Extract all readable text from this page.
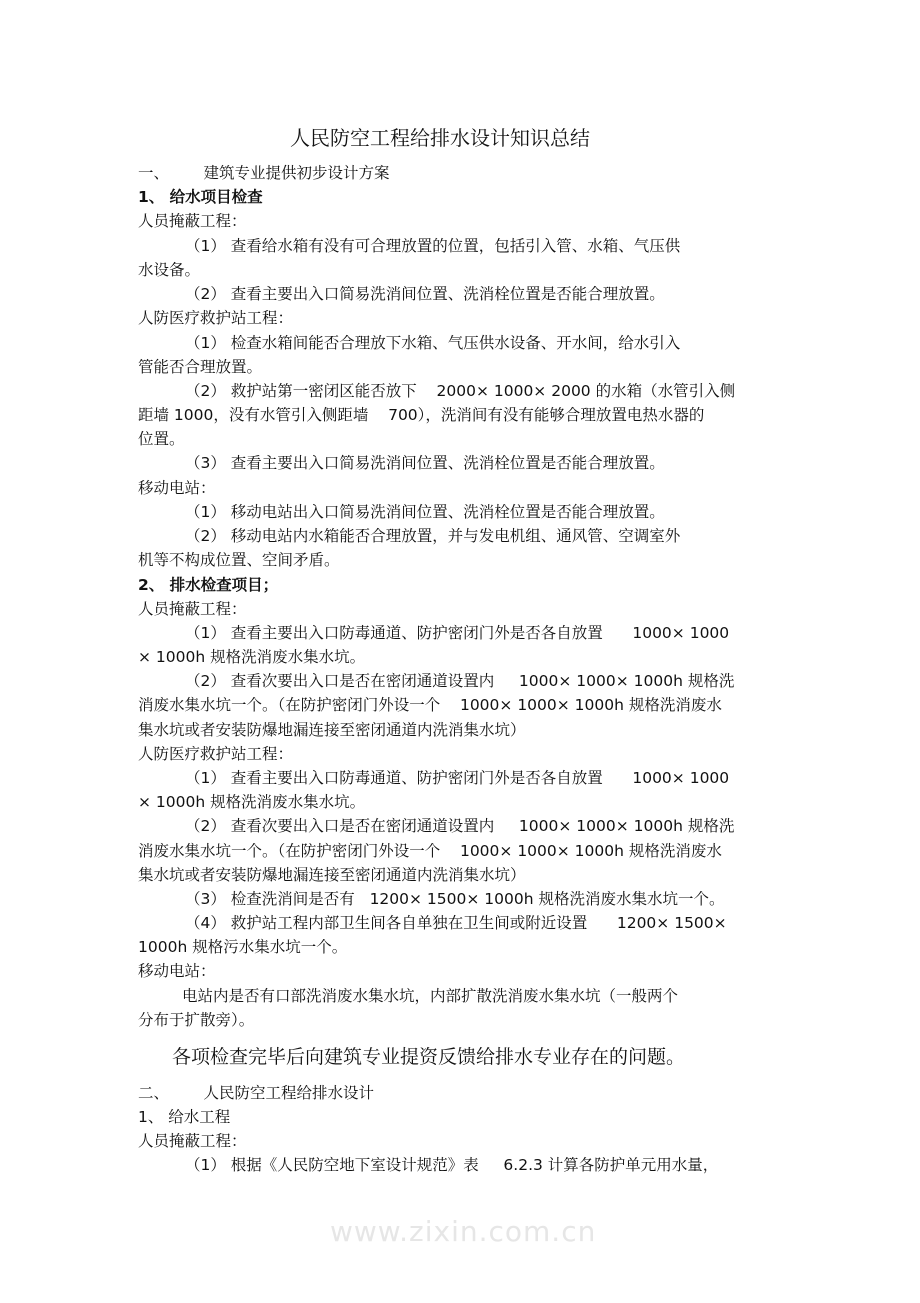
www.zixin.com.cn
人民防空工程给排水设计知识总结
一、       建筑专业提供初步设计方案
1、 给水项目检查
人员掩蔽工程：
（1） 查看给水箱有没有可合理放置的位置，包括引入管、水箱、气压供
水设备。
（2） 查看主要出入口简易洗消间位置、洗消栓位置是否能合理放置。
人防医疗救护站工程：
（1） 检查水箱间能否合理放下水箱、气压供水设备、开水间，给水引入
管能否合理放置。
（2） 救护站第一密闭区能否放下    2000× 1000× 2000 的水箱（水管引入侧
距墙 1000，没有水管引入侧距墙    700），洗消间有没有能够合理放置电热水器的
位置。
（3） 查看主要出入口简易洗消间位置、洗消栓位置是否能合理放置。
移动电站：
（1） 移动电站出入口简易洗消间位置、洗消栓位置是否能合理放置。
（2） 移动电站内水箱能否合理放置，并与发电机组、通风管、空调室外
机等不构成位置、空间矛盾。
2、 排水检查项目；
人员掩蔽工程：
（1） 查看主要出入口防毒通道、防护密闭门外是否各自放置      1000× 1000
× 1000h 规格洗消废水集水坑。
（2） 查看次要出入口是否在密闭通道设置内     1000× 1000× 1000h 规格洗
消废水集水坑一个。（在防护密闭门外设一个    1000× 1000× 1000h 规格洗消废水
集水坑或者安装防爆地漏连接至密闭通道内洗消集水坑）
人防医疗救护站工程：
（1） 查看主要出入口防毒通道、防护密闭门外是否各自放置      1000× 1000
× 1000h 规格洗消废水集水坑。
（2） 查看次要出入口是否在密闭通道设置内     1000× 1000× 1000h 规格洗
消废水集水坑一个。（在防护密闭门外设一个    1000× 1000× 1000h 规格洗消废水
集水坑或者安装防爆地漏连接至密闭通道内洗消集水坑）
（3） 检查洗消间是否有   1200× 1500× 1000h 规格洗消废水集水坑一个。
（4） 救护站工程内部卫生间各自单独在卫生间或附近设置      1200× 1500×
1000h 规格污水集水坑一个。
移动电站：
电站内是否有口部洗消废水集水坑，内部扩散洗消废水集水坑（一般两个
分布于扩散旁）。
各项检查完毕后向建筑专业提资反馈给排水专业存在的问题。
二、       人民防空工程给排水设计
1、 给水工程
人员掩蔽工程：
（1） 根据《人民防空地下室设计规范》表     6.2.3 计算各防护单元用水量，
